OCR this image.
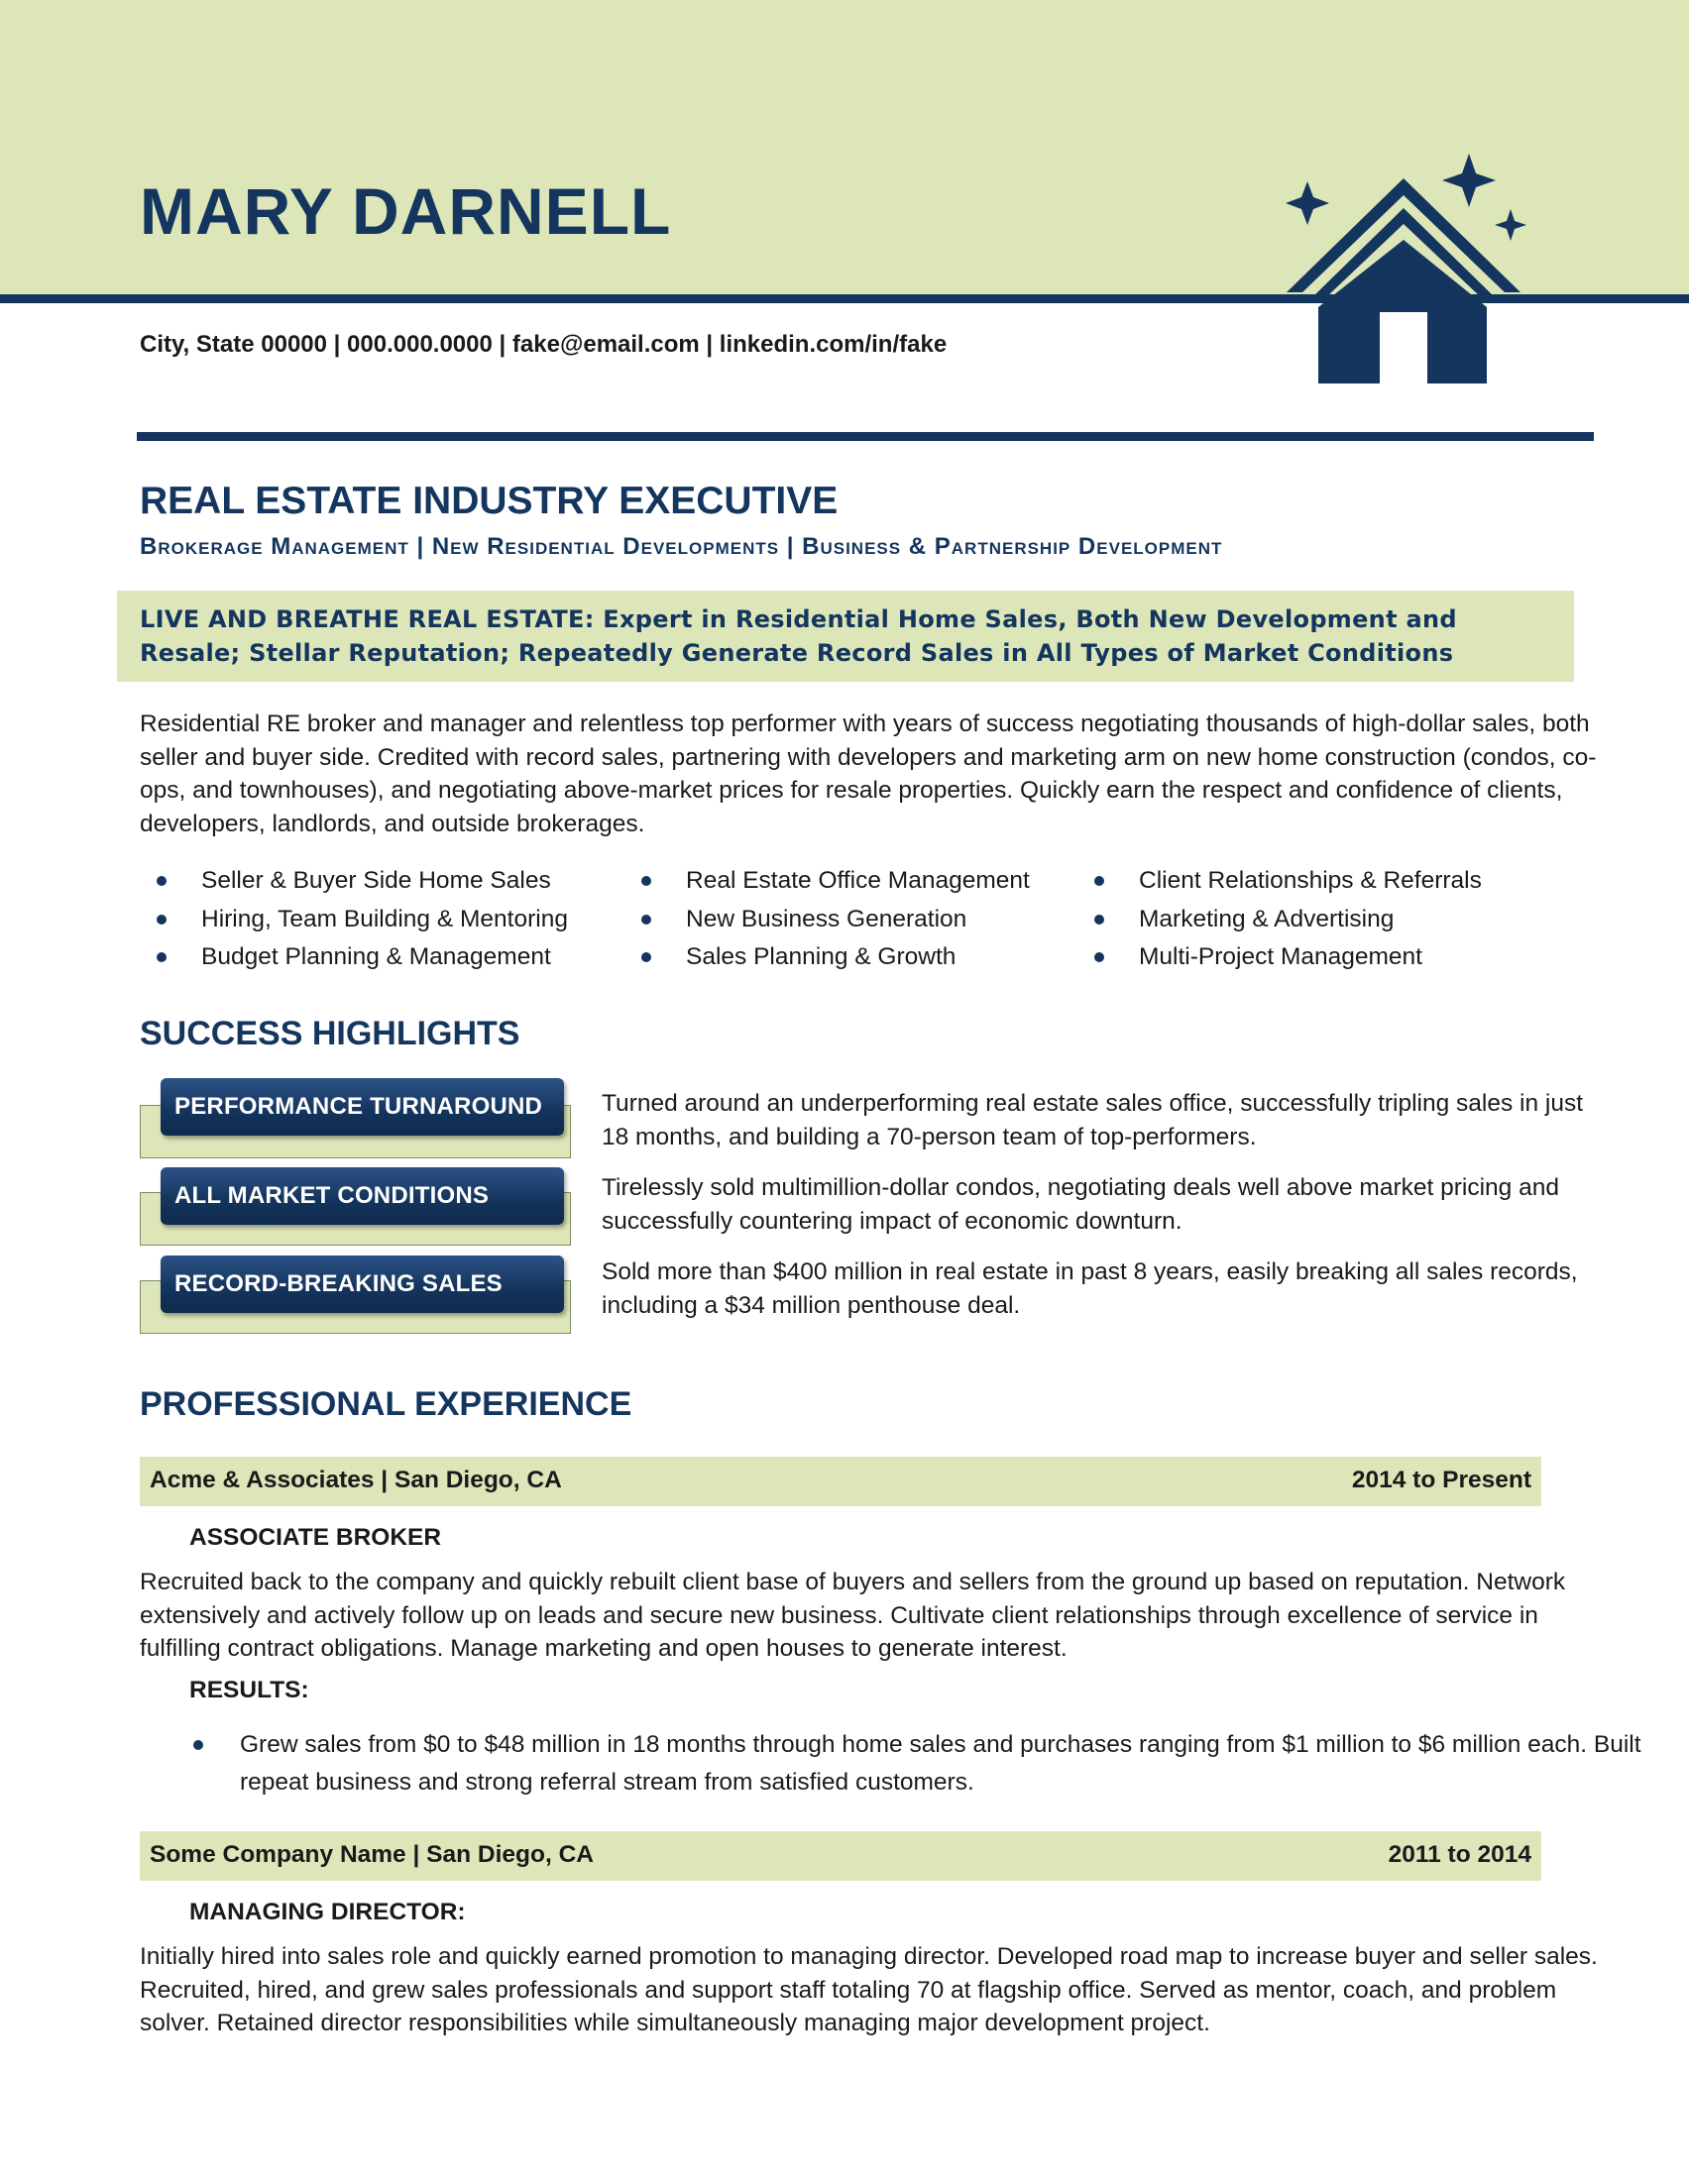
MARY DARNELL
City, State 00000 | 000.000.0000 | fake@email.com | linkedin.com/in/fake
REAL ESTATE INDUSTRY EXECUTIVE
Brokerage Management | New Residential Developments | Business & Partnership Development
LIVE AND BREATHE REAL ESTATE: Expert in Residential Home Sales, Both New Development and Resale; Stellar Reputation; Repeatedly Generate Record Sales in All Types of Market Conditions
Residential RE broker and manager and relentless top performer with years of success negotiating thousands of high-dollar sales, both seller and buyer side. Credited with record sales, partnering with developers and marketing arm on new home construction (condos, co-ops, and townhouses), and negotiating above-market prices for resale properties. Quickly earn the respect and confidence of clients, developers, landlords, and outside brokerages.
Seller & Buyer Side Home Sales
Hiring, Team Building & Mentoring
Budget Planning & Management
Real Estate Office Management
New Business Generation
Sales Planning & Growth
Client Relationships & Referrals
Marketing & Advertising
Multi-Project Management
SUCCESS HIGHLIGHTS
PERFORMANCE TURNAROUND	Turned around an underperforming real estate sales office, successfully tripling sales in just 18 months, and building a 70-person team of top-performers.
ALL MARKET CONDITIONS	Tirelessly sold multimillion-dollar condos, negotiating deals well above market pricing and successfully countering impact of economic downturn.
RECORD-BREAKING SALES	Sold more than $400 million in real estate in past 8 years, easily breaking all sales records, including a $34 million penthouse deal.
PROFESSIONAL EXPERIENCE
Acme & Associates | San Diego, CA	2014 to Present
ASSOCIATE BROKER
Recruited back to the company and quickly rebuilt client base of buyers and sellers from the ground up based on reputation. Network extensively and actively follow up on leads and secure new business. Cultivate client relationships through excellence of service in fulfilling contract obligations. Manage marketing and open houses to generate interest.
RESULTS:
Grew sales from $0 to $48 million in 18 months through home sales and purchases ranging from $1 million to $6 million each. Built repeat business and strong referral stream from satisfied customers.
Some Company Name | San Diego, CA	2011 to 2014
MANAGING DIRECTOR:
Initially hired into sales role and quickly earned promotion to managing director. Developed road map to increase buyer and seller sales. Recruited, hired, and grew sales professionals and support staff totaling 70 at flagship office. Served as mentor, coach, and problem solver. Retained director responsibilities while simultaneously managing major development project.
